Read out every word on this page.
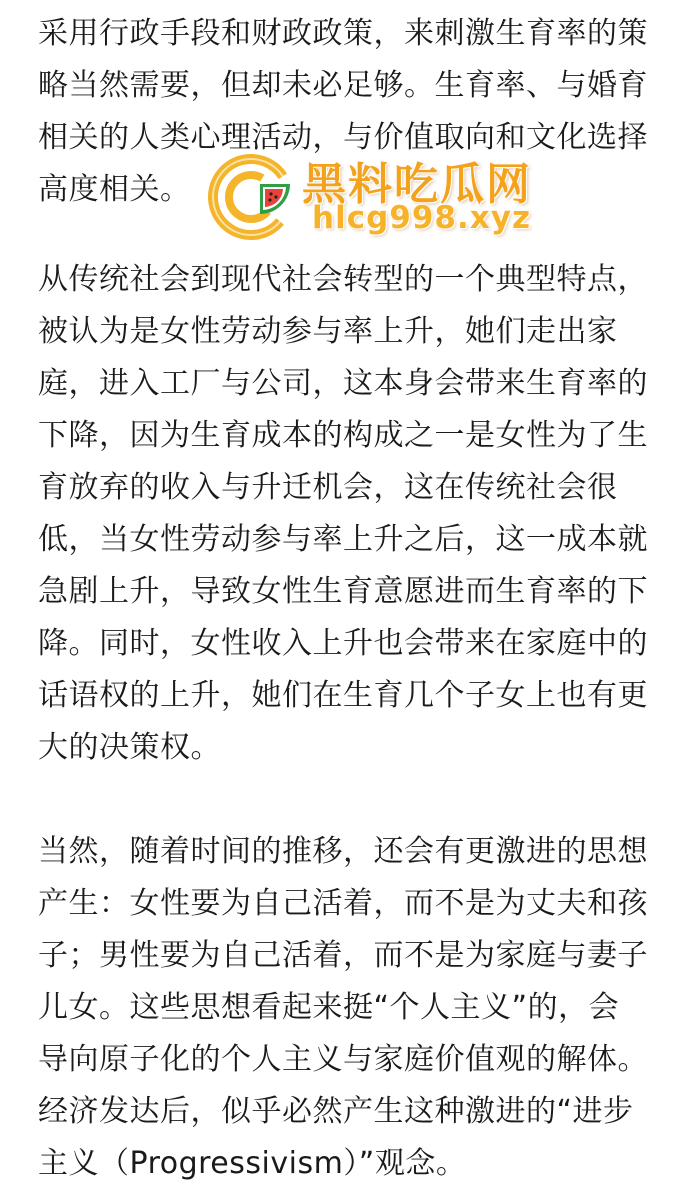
采用行政手段和财政政策，来刺激生育率的策
略当然需要，但却未必足够。生育率、与婚育
相关的人类心理活动，与价值取向和文化选择
高度相关。
从传统社会到现代社会转型的一个典型特点，
被认为是女性劳动参与率上升，她们走出家
庭，进入工厂与公司，这本身会带来生育率的
下降，因为生育成本的构成之一是女性为了生
育放弃的收入与升迁机会，这在传统社会很
低，当女性劳动参与率上升之后，这一成本就
急剧上升，导致女性生育意愿进而生育率的下
降。同时，女性收入上升也会带来在家庭中的
话语权的上升，她们在生育几个子女上也有更
大的决策权。
当然，随着时间的推移，还会有更激进的思想
产生：女性要为自己活着，而不是为丈夫和孩
子；男性要为自己活着，而不是为家庭与妻子
儿女。这些思想看起来挺“个人主义”的，会
导向原子化的个人主义与家庭价值观的解体。
经济发达后，似乎必然产生这种激进的“进步
主义（Progressivism）”观念。
黑料吃瓜网
hlcg998.xyz
